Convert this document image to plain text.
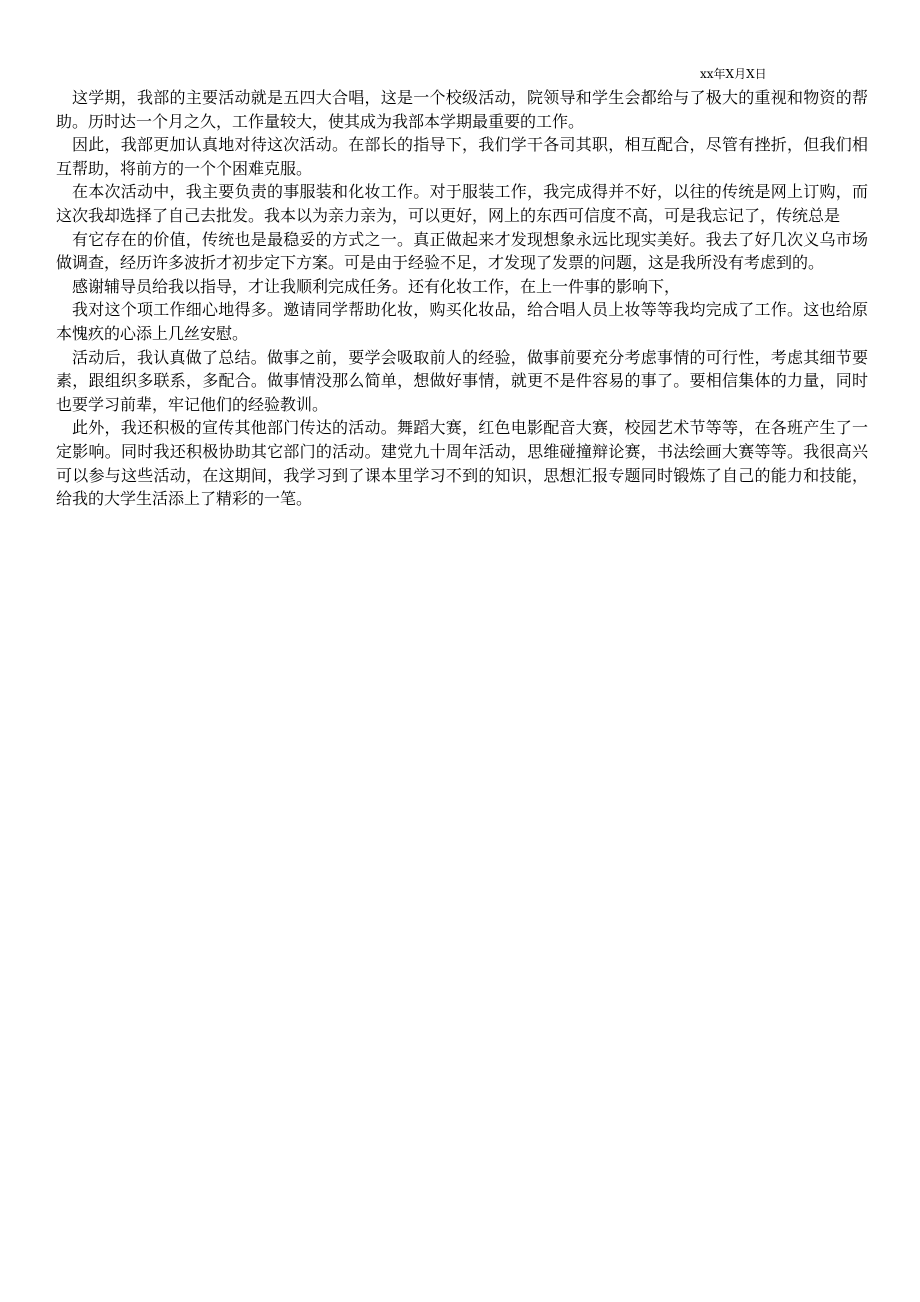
xx年X月X日

这学期，我部的主要活动就是五四大合唱，这是一个校级活动，院领导和学生会都给与了极大的重视和物资的帮助。历时达一个月之久，工作量较大，使其成为我部本学期最重要的工作。

因此，我部更加认真地对待这次活动。在部长的指导下，我们学干各司其职，相互配合，尽管有挫折，但我们相互帮助，将前方的一个个困难克服。

在本次活动中，我主要负责的事服装和化妆工作。对于服装工作，我完成得并不好，以往的传统是网上订购，而这次我却选择了自己去批发。我本以为亲力亲为，可以更好，网上的东西可信度不高，可是我忘记了，传统总是

有它存在的价值，传统也是最稳妥的方式之一。真正做起来才发现想象永远比现实美好。我去了好几次义乌市场做调查，经历许多波折才初步定下方案。可是由于经验不足，才发现了发票的问题，这是我所没有考虑到的。

感谢辅导员给我以指导，才让我顺利完成任务。还有化妆工作，在上一件事的影响下，

我对这个项工作细心地得多。邀请同学帮助化妆，购买化妆品，给合唱人员上妆等等我均完成了工作。这也给原本愧疚的心添上几丝安慰。

活动后，我认真做了总结。做事之前，要学会吸取前人的经验，做事前要充分考虑事情的可行性，考虑其细节要素，跟组织多联系，多配合。做事情没那么简单，想做好事情，就更不是件容易的事了。要相信集体的力量，同时也要学习前辈，牢记他们的经验教训。

此外，我还积极的宣传其他部门传达的活动。舞蹈大赛，红色电影配音大赛，校园艺术节等等，在各班产生了一定影响。同时我还积极协助其它部门的活动。建党九十周年活动，思维碰撞辩论赛，书法绘画大赛等等。我很高兴可以参与这些活动，在这期间，我学习到了课本里学习不到的知识，思想汇报专题同时锻炼了自己的能力和技能，给我的大学生活添上了精彩的一笔。
